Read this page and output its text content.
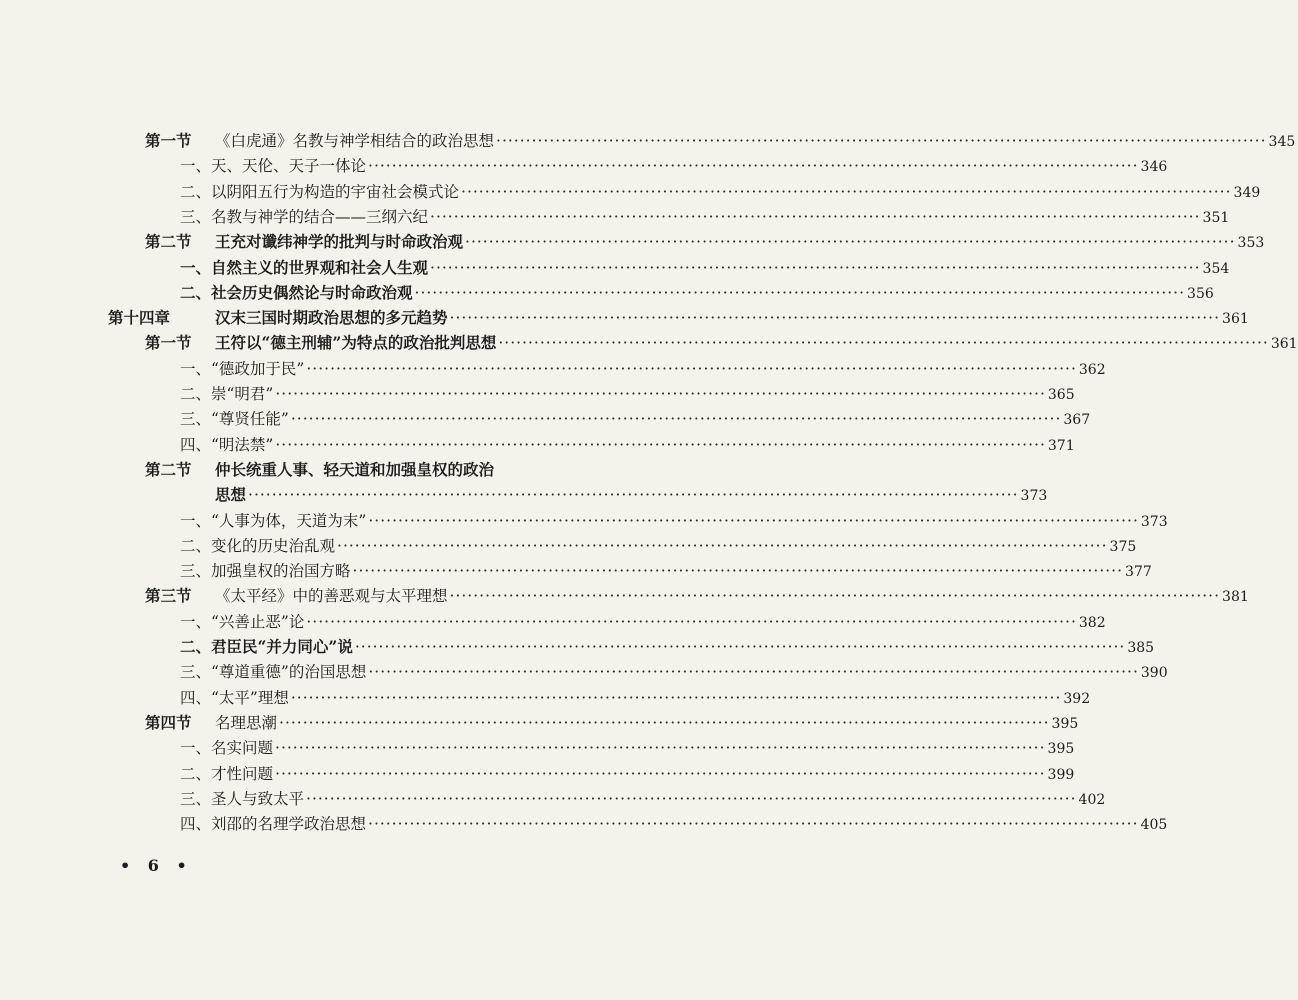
第一节	《白虎通》名教与神学相结合的政治思想 ·····	345
一、天、天伦、天子一体论 ·····	346
二、以阴阳五行为构造的宇宙社会模式论 ·····	349
三、名教与神学的结合——三纲六纪 ·····	351
第二节	王充对谶纬神学的批判与时命政治观 ·····	353
一、自然主义的世界观和社会人生观 ·····	354
二、社会历史偶然论与时命政治观 ·····	356
第十四章	汉末三国时期政治思想的多元趋势 ·····	361
第一节	王符以“德主刑辅”为特点的政治批判思想 ·····	361
一、“德政加于民” ·····	362
二、崇“明君” ·····	365
三、“尊贤任能” ·····	367
四、“明法禁” ·····	371
第二节	仲长统重人事、轻天道和加强皇权的政治
思想 ·····	373
一、“人事为体，天道为末” ·····	373
二、变化的历史治乱观 ·····	375
三、加强皇权的治国方略 ·····	377
第三节	《太平经》中的善恶观与太平理想 ·····	381
一、“兴善止恶”论 ·····	382
二、君臣民“并力同心”说 ·····	385
三、“尊道重德”的治国思想 ·····	390
四、“太平”理想 ·····	392
第四节	名理思潮 ·····	395
一、名实问题 ·····	395
二、才性问题 ·····	399
三、圣人与致太平 ·····	402
四、刘邵的名理学政治思想 ·····	405
• 6 •
